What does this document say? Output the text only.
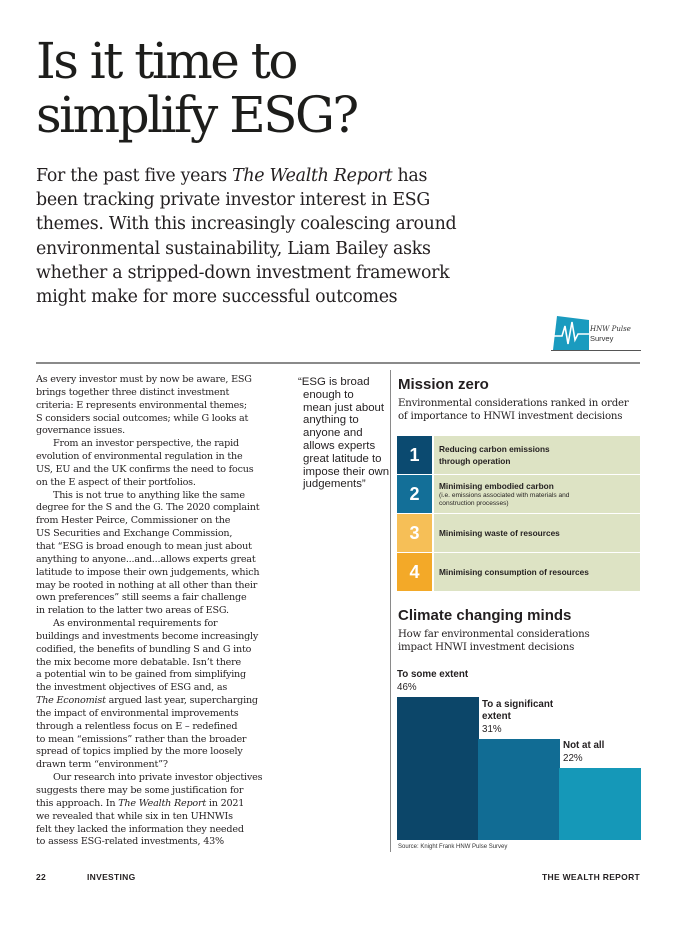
Is it time to
simplify ESG?
For the past five years The Wealth Report has
been tracking private investor interest in ESG
themes. With this increasingly coalescing around
environmental sustainability, Liam Bailey asks
whether a stripped-down investment framework
might make for more successful outcomes
HNW Pulse
Survey
As every investor must by now be aware, ESG
brings together three distinct investment
criteria: E represents environmental themes;
S considers social outcomes; while G looks at
governance issues.
From an investor perspective, the rapid
evolution of environmental regulation in the
US, EU and the UK confirms the need to focus
on the E aspect of their portfolios.
This is not true to anything like the same
degree for the S and the G. The 2020 complaint
from Hester Peirce, Commissioner on the
US Securities and Exchange Commission,
that “ESG is broad enough to mean just about
anything to anyone...and...allows experts great
latitude to impose their own judgements, which
may be rooted in nothing at all other than their
own preferences” still seems a fair challenge
in relation to the latter two areas of ESG.
As environmental requirements for
buildings and investments become increasingly
codified, the benefits of bundling S and G into
the mix become more debatable. Isn’t there
a potential win to be gained from simplifying
the investment objectives of ESG and, as
The Economist argued last year, supercharging
the impact of environmental improvements
through a relentless focus on E – redefined
to mean “emissions” rather than the broader
spread of topics implied by the more loosely
drawn term “environment”?
Our research into private investor objectives
suggests there may be some justification for
this approach. In The Wealth Report in 2021
we revealed that while six in ten UHNWIs
felt they lacked the information they needed
to assess ESG-related investments, 43%
“ESG is broad
enough to
mean just about
anything to
anyone and
allows experts
great latitude to
impose their own
judgements”
Mission zero
Environmental considerations ranked in order
of importance to HNWI investment decisions
1	Reducing carbon emissions
through operation
2	Minimising embodied carbon
(i.e. emissions associated with materials and
construction processes)
3	Minimising waste of resources
4	Minimising consumption of resources
Climate changing minds
How far environmental considerations
impact HNWI investment decisions
To some extent
46%
To a significant
extent
31%
Not at all
22%
Source: Knight Frank HNW Pulse Survey
22	INVESTING	THE WEALTH REPORT
